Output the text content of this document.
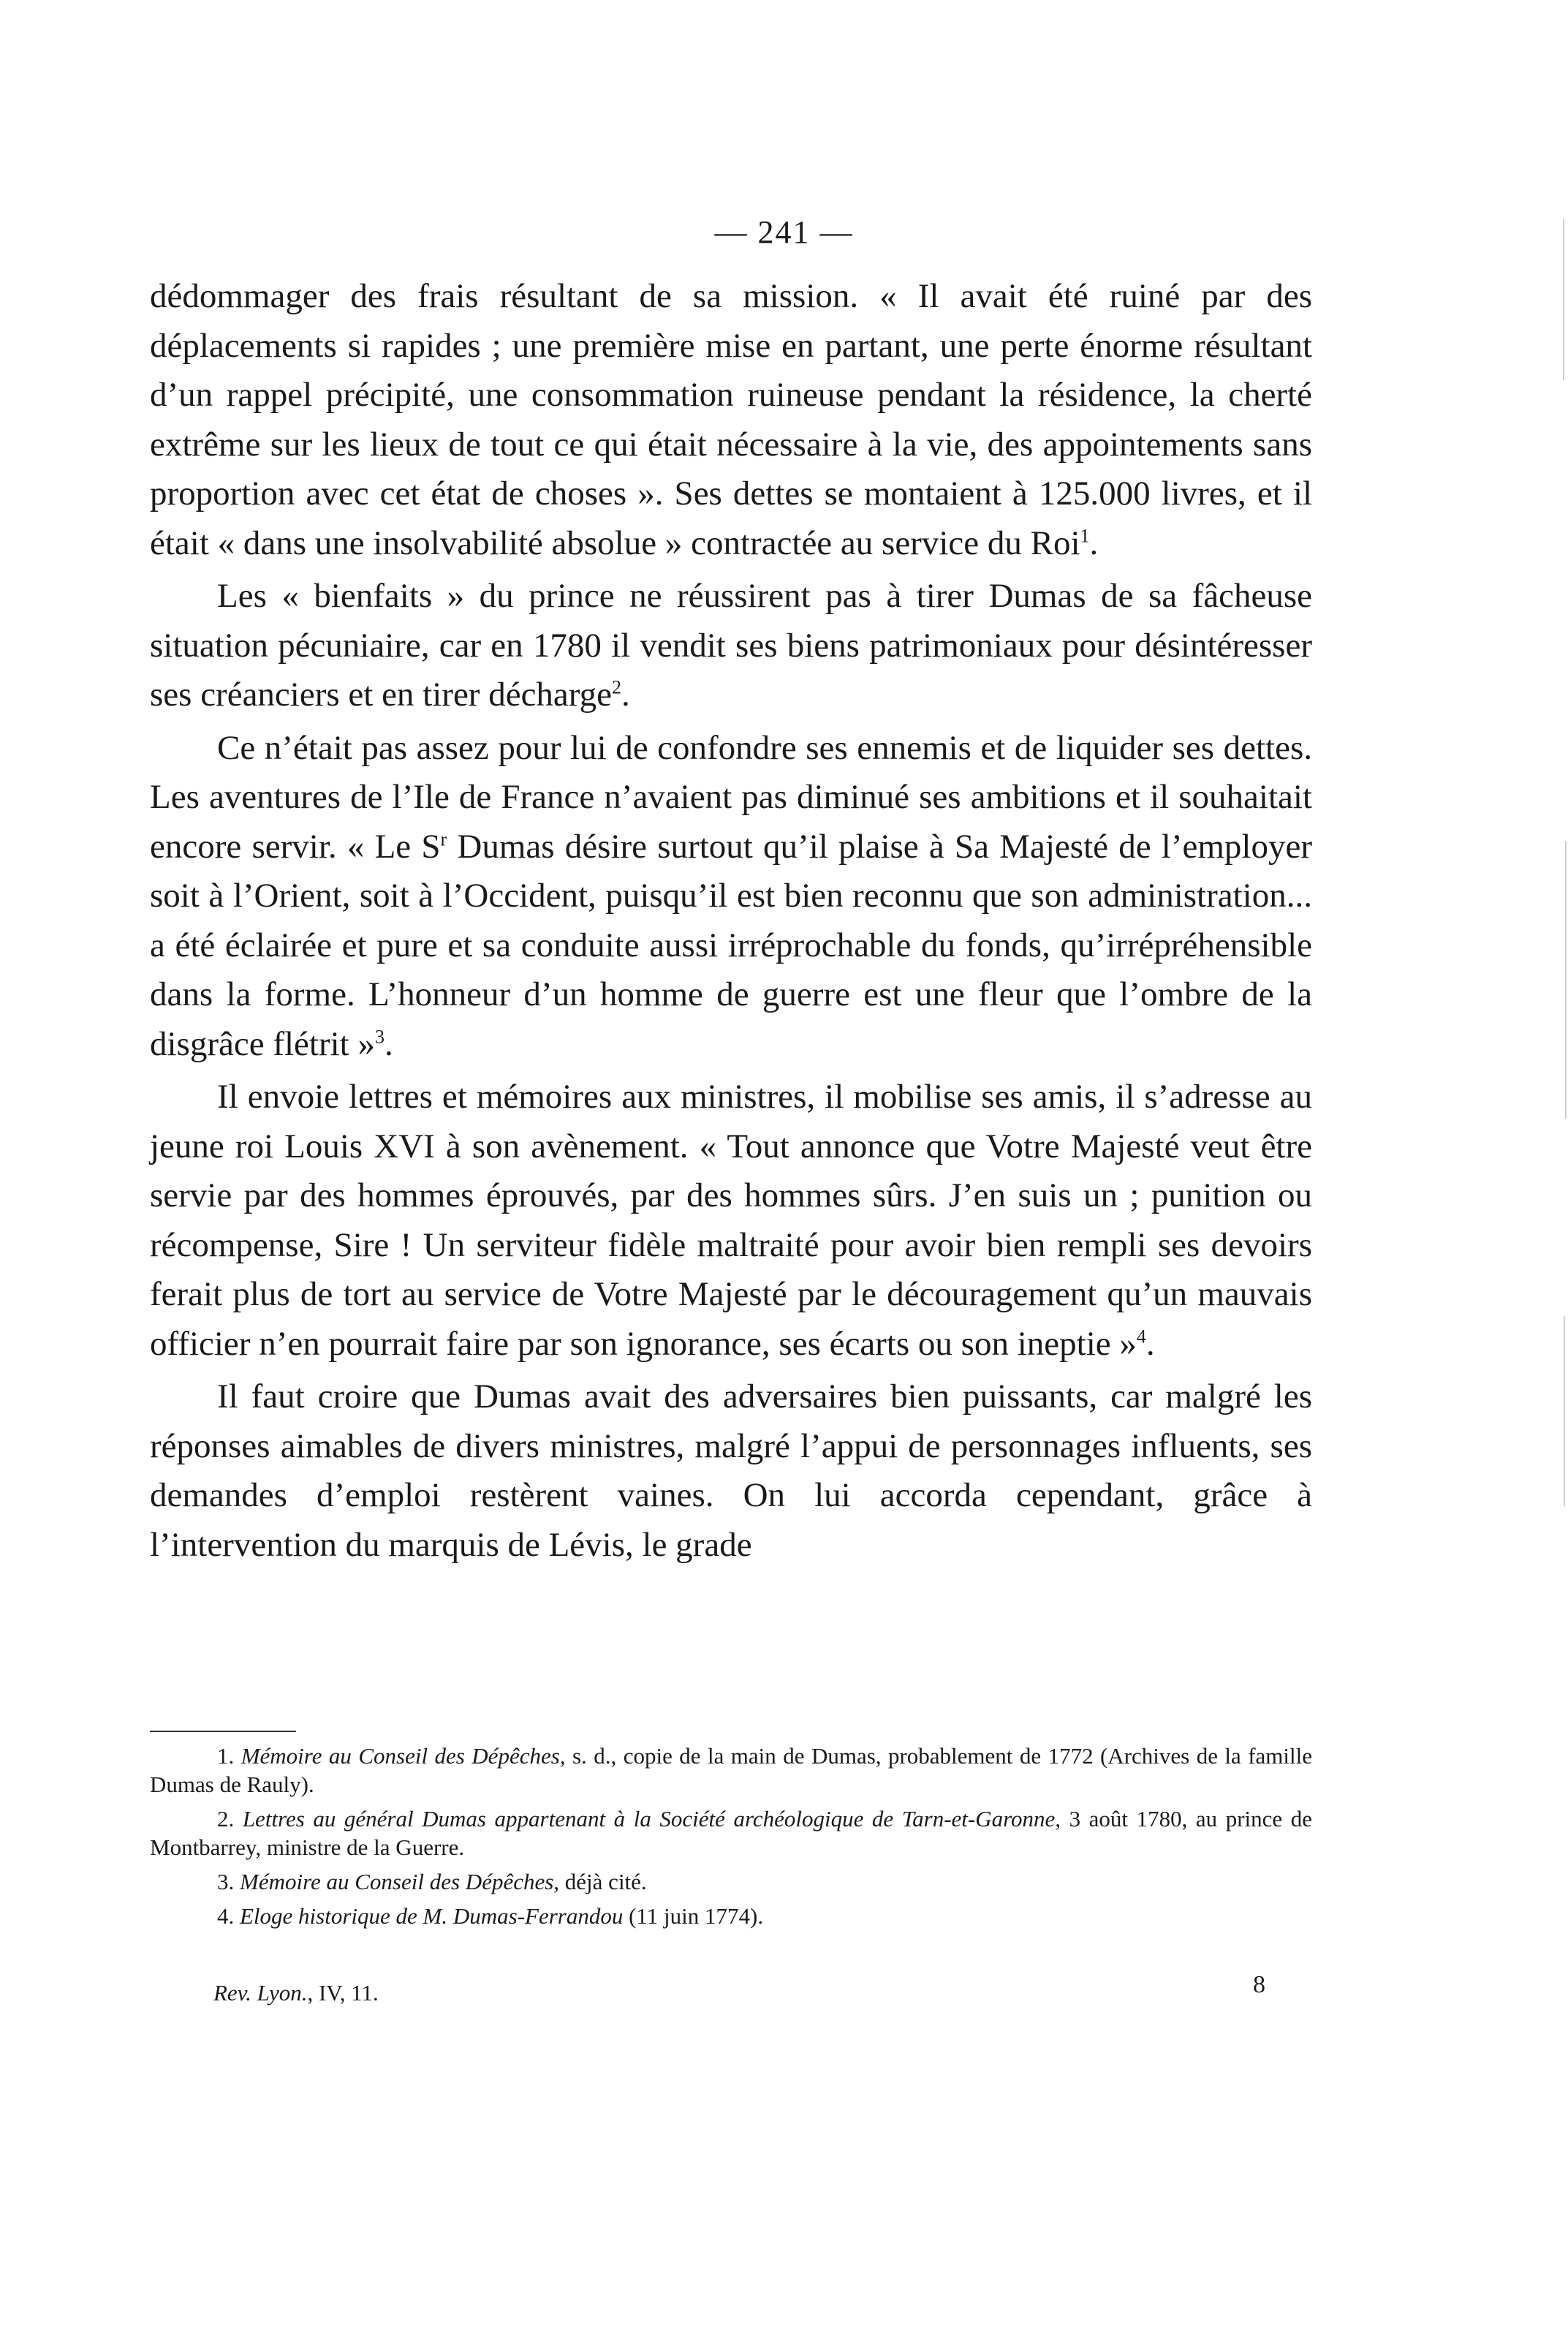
— 241 —

dédommager des frais résultant de sa mission. « Il avait été ruiné par des déplacements si rapides ; une première mise en partant, une perte énorme résultant d’un rappel précipité, une consommation ruineuse pendant la résidence, la cherté extrême sur les lieux de tout ce qui était nécessaire à la vie, des appointements sans proportion avec cet état de choses ». Ses dettes se montaient à 125.000 livres, et il était « dans une insolvabilité absolue » contractée au service du Roi$^1$.

Les « bienfaits » du prince ne réussirent pas à tirer Dumas de sa fâcheuse situation pécuniaire, car en 1780 il vendit ses biens patrimoniaux pour désintéresser ses créanciers et en tirer décharge$^2$.

Ce n’était pas assez pour lui de confondre ses ennemis et de liquider ses dettes. Les aventures de l’Ile de France n’avaient pas diminué ses ambitions et il souhaitait encore servir. « Le $S^r$ Dumas désire surtout qu’il plaise à Sa Majesté de l’employer soit à l’Orient, soit à l’Occident, puisqu’il est bien reconnu que son administration... a été éclairée et pure et sa conduite aussi irréprochable du fonds, qu’irrépréhensible dans la forme. L’honneur d’un homme de guerre est une fleur que l’ombre de la disgrâce flétrit »$^3$.

Il envoie lettres et mémoires aux ministres, il mobilise ses amis, il s’adresse au jeune roi Louis XVI à son avènement. « Tout annonce que Votre Majesté veut être servie par des hommes éprouvés, par des hommes sûrs. J’en suis un ; punition ou récompense, Sire ! Un serviteur fidèle maltraité pour avoir bien rempli ses devoirs ferait plus de tort au service de Votre Majesté par le découragement qu’un mauvais officier n’en pourrait faire par son ignorance, ses écarts ou son ineptie »$^4$.

Il faut croire que Dumas avait des adversaires bien puissants, car malgré les réponses aimables de divers ministres, malgré l’appui de personnages influents, ses demandes d’emploi restèrent vaines. On lui accorda cependant, grâce à l’intervention du marquis de Lévis, le grade

1. Mémoire au Conseil des Dépêches, s. d., copie de la main de Dumas, probablement de 1772 (Archives de la famille Dumas de Rauly).

2. Lettres au général Dumas appartenant à la Société archéologique de Tarn-et-Garonne, 3 août 1780, au prince de Montbarrey, ministre de la Guerre.

3. Mémoire au Conseil des Dépêches, déjà cité.

4. Eloge historique de M. Dumas-Ferrandou (11 juin 1774).

Rev. Lyon., IV, 11.	8
